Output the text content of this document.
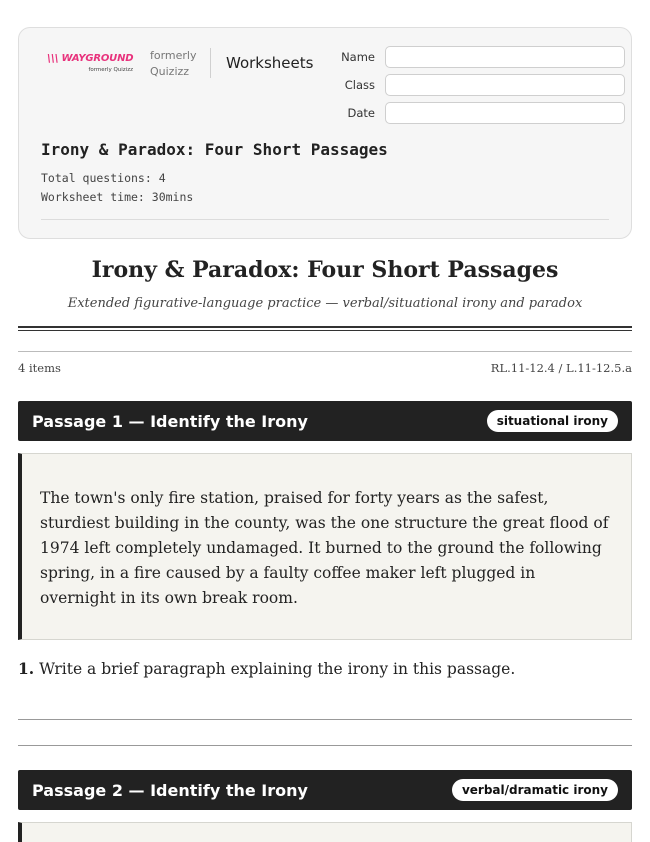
\\\ WAYGROUND
formerly Quizizz
formerly Quizizz	Worksheets Name
Class
Date
Irony & Paradox: Four Short Passages
Total questions: 4
Worksheet time: 30mins
Irony & Paradox: Four Short Passages
Extended figurative-language practice — verbal/situational irony and paradox
4 items	RL.11-12.4 / L.11-12.5.a
Passage 1 — Identify the Irony	situational irony
The town's only fire station, praised for forty years as the safest, sturdiest building in the county, was the one structure the great flood of 1974 left completely undamaged. It burned to the ground the following spring, in a fire caused by a faulty coffee maker left plugged in overnight in its own break room.
1. Write a brief paragraph explaining the irony in this passage.
Passage 2 — Identify the Irony	verbal/dramatic irony
